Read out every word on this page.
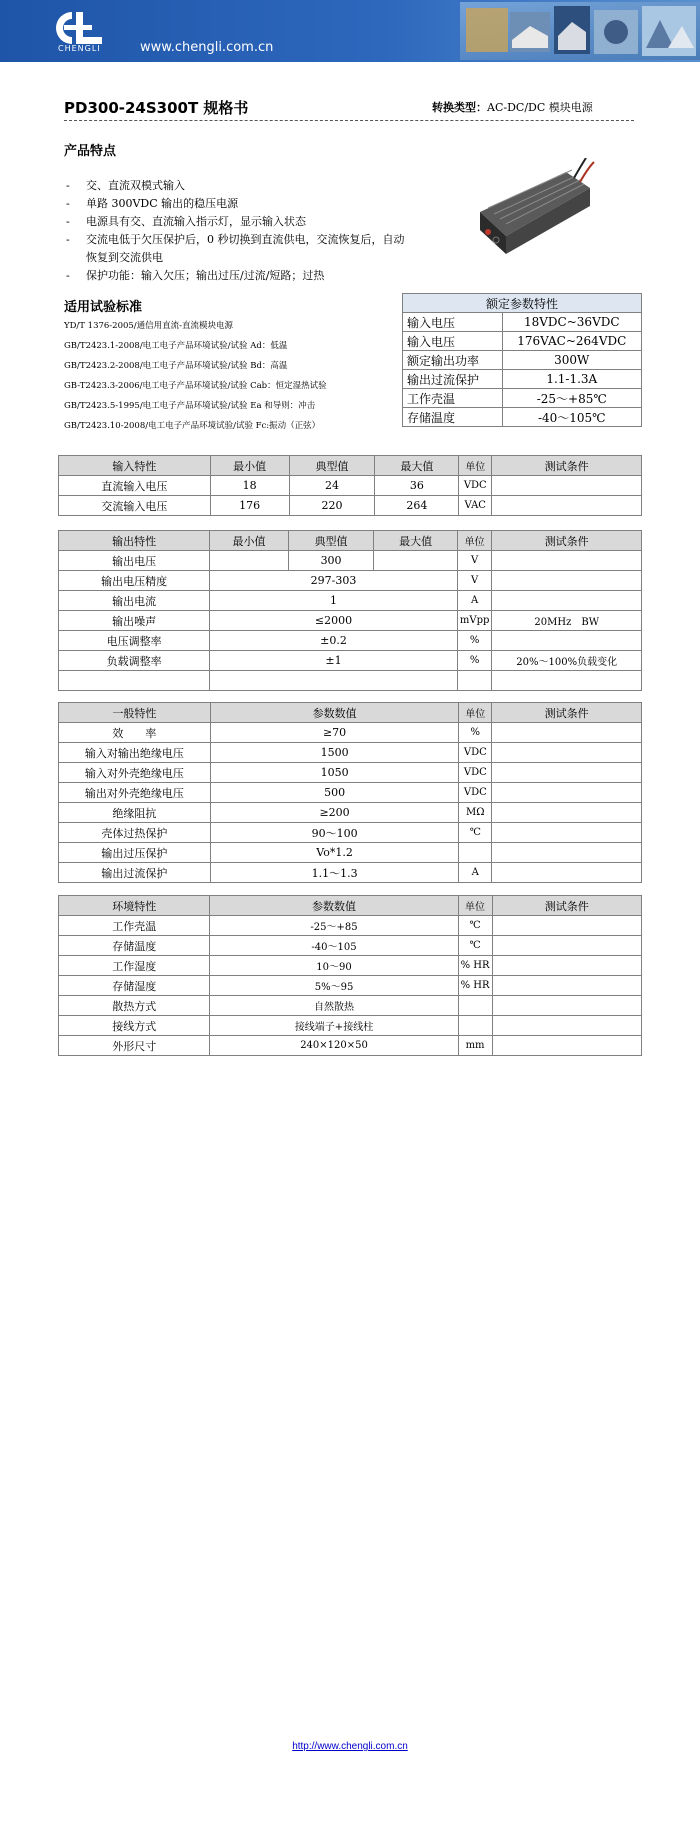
CHENGLI	www.chengli.com.cn
PD300-24S300T 规格书	转换类型：AC-DC/DC 模块电源
产品特点
- 交、直流双模式输入
- 单路 300VDC 输出的稳压电源
- 电源具有交、直流输入指示灯，显示输入状态
- 交流电低于欠压保护后，0 秒切换到直流供电，交流恢复后，自动恢复到交流供电
- 保护功能：输入欠压；输出过压/过流/短路；过热
适用试验标准
YD/T 1376-2005/通信用直流-直流模块电源
GB/T2423.1-2008/电工电子产品环境试验/试验 Ad：低温
GB/T2423.2-2008/电工电子产品环境试验/试验 Bd：高温
GB-T2423.3-2006/电工电子产品环境试验/试验 Cab：恒定湿热试验
GB/T2423.5-1995/电工电子产品环境试验/试验 Ea 和导则：冲击
GB/T2423.10-2008/电工电子产品环境试验/试验 Fc:振动（正弦）
额定参数特性	
输入电压	18VDC~36VDC
输入电压	176VAC~264VDC
额定输出功率	300W
输出过流保护	1.1-1.3A
工作壳温	-25～+85℃
存储温度	-40～105℃
输入特性	最小值	典型值	最大值	单位	测试条件
直流输入电压	18	24	36	VDC	
交流输入电压	176	220	264	VAC	
输出特性	最小值	典型值	最大值	单位	测试条件
输出电压		300		V	
输出电压精度	297-303			V	
输出电流	1			A	
输出噪声	≤2000			mVpp	20MHz　BW
电压调整率	±0.2			%	
负载调整率	±1			%	20%～100%负载变化

一般特性	参数数值	单位	测试条件
效　　率	≥70	%	
输入对输出绝缘电压	1500	VDC	
输入对外壳绝缘电压	1050	VDC	
输出对外壳绝缘电压	500	VDC	
绝缘阻抗	≥200	MΩ	
壳体过热保护	90～100	℃	
输出过压保护	Vo*1.2		
输出过流保护	1.1～1.3	A	
环境特性	参数数值	单位	测试条件
工作壳温	-25～+85	℃	
存储温度	-40～105	℃	
工作湿度	10～90	% HR	
存储湿度	5%～95	% HR	
散热方式	自然散热		
接线方式	接线端子+接线柱		
外形尺寸	240×120×50	mm	
http://www.chengli.com.cn
